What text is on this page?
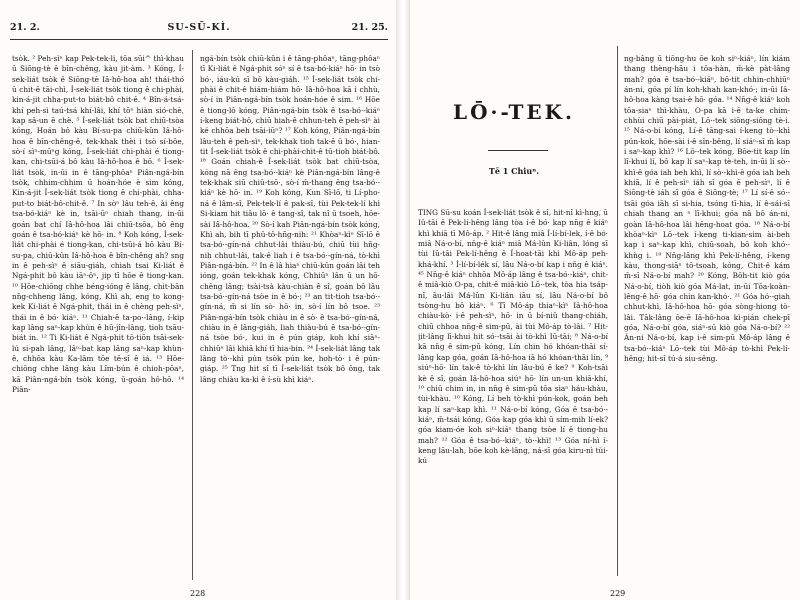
21. 2.	SU-SŪ-KÌ.	21. 25.

tsòk. ² Peh-sìⁿ kap Pek-tek-li, tōa sūi^ thì-khau ū Siōng-tè ê bīn-chêng, kàu jit-àm. ³ Kóng, Í-sek-liát tsòk ê Siōng-tè Iâ-hô-hoa ah! thái-thó ū chit-ê tāi-chì, Í-sek-liát tsòk tiong ê chi-phài, kin-á-jit chha-put-to biát-bô chit-ê. ⁴ Bîn-á-tsá-khí peh-sì taú-tsá khí-lâi, khí tōⁿ hiàn sió-chè, kap sâ-un ê chè. ⁵ Í-sek-liát tsòk bat chiū-tsòa kóng, Hoán bô kàu Bí-su-pa chiū-kûn Iâ-hô-hoa ê bīn-chêng-ê, tek-khak thèi i tsò sí-bôe, sò-í sìⁿ-mūⁿg kóng, Í-sek-liát chi-phài é tiong-kan, chi-tsūi-á bô kàu Iâ-hô-hoa ê bō. ⁶ Í-sek-liát tsòk, in-ūi in ê tāng-phôaⁿ Piân-ngá-bín tsòk, chhim-chhim ū hoán-hóe è sim kóng, Kin-á-jit Í-sek-liát tsòk tiong ê chi-phài, chha-put-to biát-bô-chit-ê. ⁷ In sòⁿ lâu teh-ê, ài êng tsa-bó-kiáⁿ kè in, tsāi-ūⁿ chiah thang, in-ūi goán bat chí Iâ-hô-hoa lâi chiū-tsōa, bô êng goán ê tsa-bó-kiáⁿ kè hō· in. ⁸ Koh kóng, Í-sek-liát chi-phài é tiong-kan, chi-tsūi-á bô kàu Bí-su-pa, chiū-kûn Iâ-hô-hoa ê bīn-chêng ah? sng in ê peh-sìⁿ ê siāu-giáh, chiah tsai Ki-liát ê Ngá-phit bô kàu iāⁿ-ôⁿ, jip tī hōe ê tiong-kan. ¹⁰ Hōe-chiōng chhe béng-ióng ê lâng, chit-bān nn̄g-chheng lâng, kóng, Khì ah, eng to kong-kek Ki-liát ê Ngá-phit, thái in ê chèng peh-sìⁿ, thái in ê bó· kiáⁿ. ¹¹ Chiah-ê ta-po·-lâng, í-kip kap lâng saⁿ-kap khùn ê hū-jîn-lâng, tioh tsāu-biát in. ¹² Ti Ki-liát ê Ngá-phit tō·tiōn tsāi-sek-lú si-pah lâng, lâⁿ-bat kap lâng saⁿ-kap khùn-ê, chhōa kàu Ka-lâm tōe tē-sî ê iá. ¹³ Hōe-chiōng chhe lâng kàu Lîm-bún ê chioh-pōaⁿ, kā Piân-ngá-bín tsòk kóng, ū-goán hô-hō. ¹⁴ Piân-

ngá-bín tsòk chiū-kûn i ê tāng-phôaⁿ, tāng-phôaⁿ tī Ki-liát ê Ngá-phit sóⁿ sí ê tsa-bó-kiáⁿ hō· in tsò bó·, iáu-kú sī bô kàu-giáh. ¹⁵ Í-sek-liát tsòk chi-phài ê chit-ê hiám-hiám hō· Iâ-hô-hoa kā i chhù, sò-í in Piân-ngá-bín tsòk hoán-hóe ê sim. ¹⁶ Hōe ê tiong-lô kóng, Piân-ngá-bín tsòk ê tsa-bó·-kiáⁿ í-keng biát-bô, chiū hiah-ê chhun-teh ê peh-sìⁿ ài ké chhōa beh tsāi-iūⁿ? ¹⁷ Koh kóng, Piân-ngá-bín lâu-teh ê peh-sìⁿ, tek-khak tioh tak-ê ū bó·, hian-tit Í-sek-liát tsòk ê chi-phài-chit-ê tū-tioh biát-bô. ¹⁸ Goán chiah-ê Í-sek-liát tsòk bat chiū-tsòa, kóng nā êng tsa-bó·-kiáⁿ kè Piân-ngá-bín lâng-ê tek-khak siū chiū-tsō·, sò-í m̄-thang êng tsa-bó·-kiáⁿ kè hō· in. ¹⁹ Koh kóng, Kun Sī-lō, ti Lí-pho-ná ê lâm-sî, Pek-tek-lí ê pak-sî, tùi Pek-tek-lí khì Si-kiam hit tiâu lō· ê tang-sî, tak nî ū tsoeh, hōe-sài Iâ-hô-hoa. ²⁰ Sò-í kah Piân-ngá-bín tsòk kóng, Khì ah, bih tī phû-tô-hñg-nih: ²¹ Khòaⁿ-kìⁿ Sī-lō ê tsa-bó·-gín-ná chhut-lâi thiàu-bú, chiū tùi hñg-nih chhut-lâi, tak-ê liah i ê tsa-bó·-gín-ná, tò-khì Piân-ngá-bín. ²² In ê lâ hiaⁿ chiū-kûn goán lâi teh ióng, goán tek-khak kóng, Chhiūⁿ lân ū un hō· chêng lâng; tsài-tsà kàu-chiàn ê sî, goán bô lâu tsa-bó·-gín-ná tsòe in ê bó·; ²³ an tit-tioh tsa-bó·-gín-ná, m̄ si lín sò· hō· in, sò-í lín bô tsoe. ²³ Piân-ngá-bín tsòk chiàu in ê sò· ê tsa-bó·-gín-ná, chiàu in ê lâng-giáh, liah thiàu-bú ê tsa-bó·-gín-ná tsòe bó·, kui in ê pún giáp, koh khí siāⁿ-chhiūⁿ lâi khiā khí tī hia-bin. ²⁴ Í-sek-liát lâng tak lâng tò·-khì pún tsòk pún ke, hoh-tò· i ê pún-giáp. ²⁵ Tng hit sî tī Í-sek-liát tsòk bô ông, tak lâng chiàu ka-ki ê í-sù khì kiáⁿ.

228
LŌ·-TEK.
Tē 1 Chiuⁿ.

TING Sū-su koán Í-sek-liát tsòk ê sî, hit-nî kì-hng, ū Iû-tāi ê Pek-lí-hêng lâng tòa í-ê bó· kap nn̄g ê kiáⁿ khì khiā tī Mô-áp. ² Hit-ê lâng miâ Í-lí-bí-lek, í-ê bó· miâ Ná-o-bí, nn̄g-ê kiáⁿ miâ Má-lûn Ki-liân, lóng sī tùi Iû-tāi Pek-lí-hêng ê Í-hoat-tāi khì Mô-áp peh-khá-khí. ³ Í-lí-bí-lék sí, lâu Ná-o-bí kap i nn̄g ê kiáⁿ. ⁴⁵ Nn̄g-ê kiáⁿ chhōa Mô-áp lâng ê tsa-bó·-kiáⁿ, chit-ê miâ-kiò O-pa, chit-ê miâ-kiò Lō·-tek, tòa hia tsáp-nî, āu-lâi Má-lûn Ki-liân iāu sí, lâu Ná-o-bí bô tsòng-hu bô kiáⁿ. ⁶ Tī Mô-áp thiaⁿ-kìⁿ Iâ-hô-hoa chiàu-kò· i-ê peh-sìⁿ, hō· in ū bí-niû thang-chiáh, chiū chhoa nn̄g-ê sim-pū, ài tùi Mô-áp tò-lâi. ⁷ Hit-jit-lâng lī-khui hit só·-tsāi ài tò-khì Iû-tāi; ⁸ Ná-o-bí kā nn̄g ê sim-pū kóng, Lín chin hó khóan-thāi sí-lâng kap góa, goán Iâ-hô-hoa iā hó khóan-thāi lín, ⁹ siúⁿ-hō· lín tak-ê tò-khì lín lâu-bú ê ke? ⁹ Koh-tsāi kè ê sî, goán Iâ-hô-hoa siúⁿ hō· lín un-un khiā-khí, ¹⁰ chiū chim in, in nn̄g ê sim-pū tōa siaⁿ háu-khàu, tùi-khàu. ¹⁰ Kóng, Lí beh tò-khì pún-kok, goán beh kap lí saⁿ-kap khì. ¹¹ Ná-o-bí kóng, Góa ê tsa-bó·-kiáⁿ, m̄-tsái kóng, Góa kap góa khì ū sím-mih lí-ek? góa kiam-óe koh siⁿ-kiáⁿ thang tsòe lí ê tiong-hu mah? ¹² Góa ê tsa-bó·-kiáⁿ, tò·-khì! ¹³ Góa ní-hì í-keng lāu-lah, bōe koh kè-lâng, ná-sī góa kiru-nì tùi-kú

ng-bâng ū tiōng-hu ōe koh siⁿ-kiáⁿ, lín kiám thang thèng-hāu i tōa-hàn, m̄-kè pàt-lâng mah? góa ê tsa-bó·-kiáⁿ, bô-tit chhin-chhiūⁿ án-ni, góa pí lín koh-khah kan-khó·; in-ūi Iâ-hô-hoa kàng tsai-è hō· góa. ¹⁴ Nn̄g-ê kiáⁿ koh tōa-siaⁿ thì-khàu, O-pa kā i-ê ta-ke chim-chhùi chiū pài-piát, Lō·-tek siōng-siōng tè-i. ¹⁵ Ná-o-bí kóng, Lí-ê tāng-sai í-keng tò·-khì pún-kok, hōe-sài i-ê sîn-bêng, lí siáⁿ-sī m̄ kap i saⁿ-kap khì? ¹⁶ Lō·-tek kóng, Bōe-tit kap lín lī-khui lí, bô kap lí saⁿ-kap tè-teh, in-ūi lí sò·-khì-ê góa iah beh khì, lí sò·-khì-ê góa iah beh khiā, lí ê peh-sìⁿ iáh sī góa ê peh-sìⁿ, lí ê Siōng-tè iáh sī góa ê Siōng-tè; ¹⁷ Lí sí-ê só·-tsāi góa iāh sī si-hia, tsóng tī-hia, lí ê-sái-sī chiah thang an ⁿ lī-khui; góa nā bô án-ni, goàn Iâ-hô-hoa lâi hêng-hoat góa. ¹⁸ Ná-o-bí khòaⁿ-kìⁿ Lō·-tek í-keng ti-kian-sim ài-beh kap i saⁿ-kap khì, chiū-soah, bô koh khó·-khǹg i. ¹⁹ Nn̄g-lâng khì Pek-lí-hêng, í-keng kàu, thong-siāⁿ tō-tsoah, kóng, Chit-ê kám m̄-sī Ná-o-bí mah? ²⁰ Kóng, Bōh-tit kiò góa Ná-o-bí, tiòh kiò góa Má-lat, in-ūi Tōa-koàn-lêng-ê hō· góa chin kan-khó·. ²¹ Góa hó·-giah chhut-khì, Iâ-hô-hoa hō· góa sòng-hiong tò-lâi. Tāk-lâng ōe-ē Iâ-hô-hoa kì-pián chek-pī góa, Ná-o-bí góa, siáⁿ-sū kiò góa Ná-o-bí? ²² Án-ni Ná-o-bí, kap i-ê sim-pū Mô-áp lâng ê tsa-bó·-kiáⁿ Lō·-tek tùi Mô-áp tò-khì Pek-lí-hêng; hit-sî tú-á siu-sêng.

229
